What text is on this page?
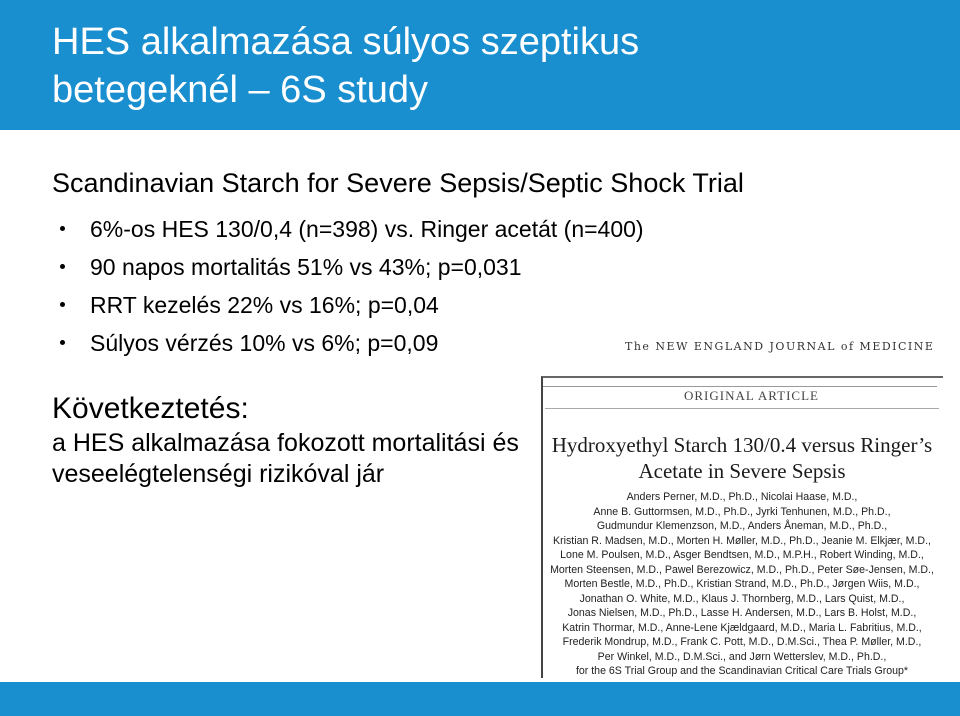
HES alkalmazása súlyos szeptikus
betegeknél – 6S study
Scandinavian Starch for Severe Sepsis/Septic Shock Trial
6%-os HES 130/0,4 (n=398) vs. Ringer acetát (n=400)
90 napos mortalitás 51% vs 43%; p=0,031
RRT kezelés 22% vs 16%; p=0,04
Súlyos vérzés 10% vs 6%; p=0,09
Következtetés:
a HES alkalmazása fokozott mortalitási és veseelégtelenségi rizikóval jár
The NEW ENGLAND JOURNAL of MEDICINE
ORIGINAL ARTICLE
Hydroxyethyl Starch 130/0.4 versus Ringer’s
Acetate in Severe Sepsis
Anders Perner, M.D., Ph.D., Nicolai Haase, M.D.,
Anne B. Guttormsen, M.D., Ph.D., Jyrki Tenhunen, M.D., Ph.D.,
Gudmundur Klemenzson, M.D., Anders Åneman, M.D., Ph.D.,
Kristian R. Madsen, M.D., Morten H. Møller, M.D., Ph.D., Jeanie M. Elkjær, M.D.,
Lone M. Poulsen, M.D., Asger Bendtsen, M.D., M.P.H., Robert Winding, M.D.,
Morten Steensen, M.D., Pawel Berezowicz, M.D., Ph.D., Peter Søe-Jensen, M.D.,
Morten Bestle, M.D., Ph.D., Kristian Strand, M.D., Ph.D., Jørgen Wiis, M.D.,
Jonathan O. White, M.D., Klaus J. Thornberg, M.D., Lars Quist, M.D.,
Jonas Nielsen, M.D., Ph.D., Lasse H. Andersen, M.D., Lars B. Holst, M.D.,
Katrin Thormar, M.D., Anne-Lene Kjældgaard, M.D., Maria L. Fabritius, M.D.,
Frederik Mondrup, M.D., Frank C. Pott, M.D., D.M.Sci., Thea P. Møller, M.D.,
Per Winkel, M.D., D.M.Sci., and Jørn Wetterslev, M.D., Ph.D.,
for the 6S Trial Group and the Scandinavian Critical Care Trials Group*
